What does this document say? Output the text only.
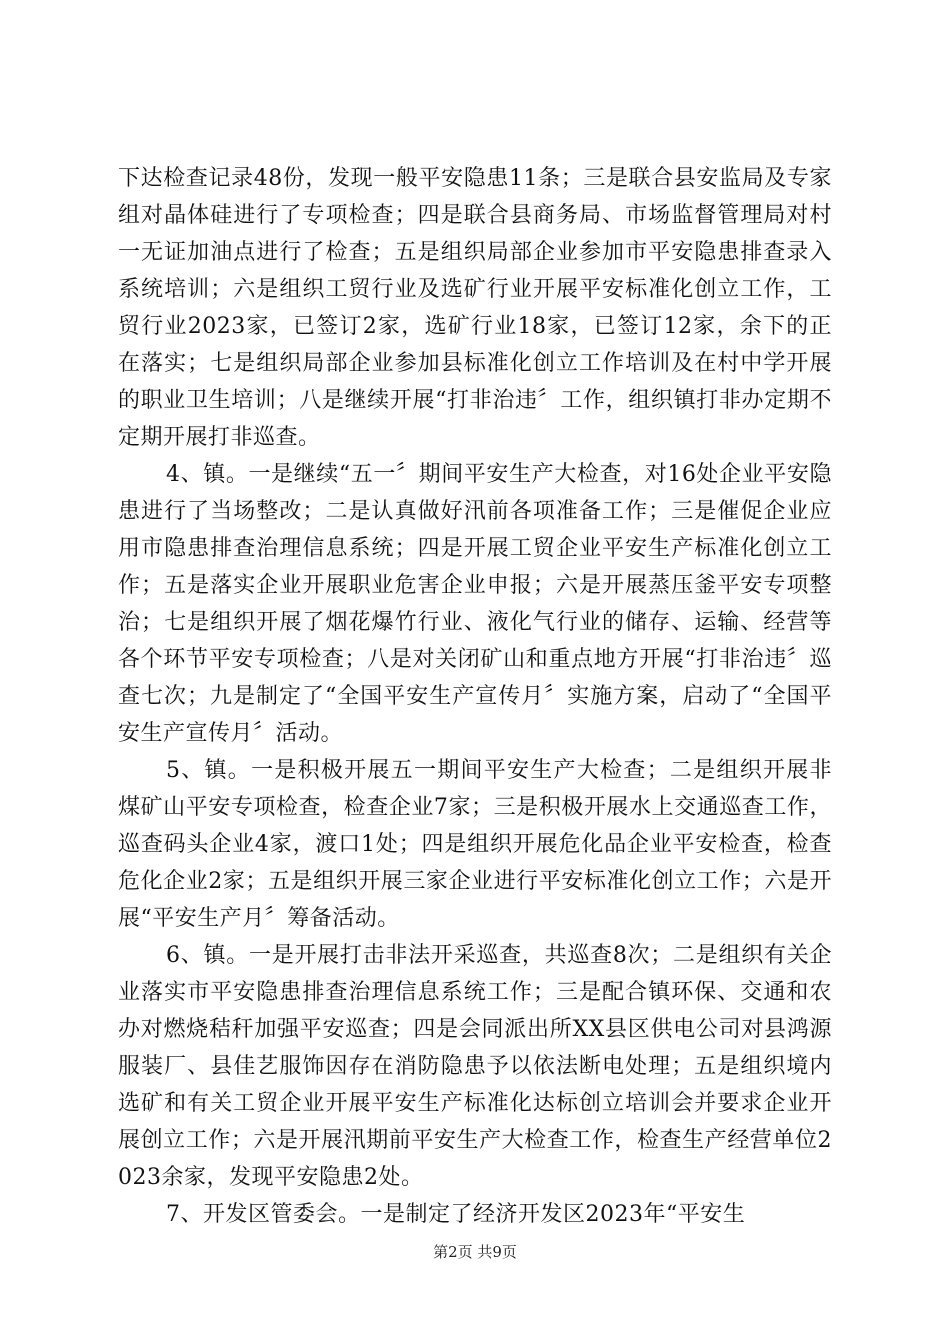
下达检查记录48份，发现一般平安隐患11条；三是联合县安监局及专家组对晶体硅进行了专项检查；四是联合县商务局、市场监督管理局对村一无证加油点进行了检查；五是组织局部企业参加市平安隐患排查录入系统培训；六是组织工贸行业及选矿行业开展平安标准化创立工作，工贸行业2023家，已签订2家，选矿行业18家，已签订12家，余下的正在落实；七是组织局部企业参加县标准化创立工作培训及在村中学开展的职业卫生培训；八是继续开展“打非治违〞工作，组织镇打非办定期不定期开展打非巡查。

4、镇。一是继续“五一〞期间平安生产大检查，对16处企业平安隐患进行了当场整改；二是认真做好汛前各项准备工作；三是催促企业应用市隐患排查治理信息系统；四是开展工贸企业平安生产标准化创立工作；五是落实企业开展职业危害企业申报；六是开展蒸压釜平安专项整治；七是组织开展了烟花爆竹行业、液化气行业的储存、运输、经营等各个环节平安专项检查；八是对关闭矿山和重点地方开展“打非治违〞巡查七次；九是制定了“全国平安生产宣传月〞实施方案，启动了“全国平安生产宣传月〞活动。

5、镇。一是积极开展五一期间平安生产大检查；二是组织开展非煤矿山平安专项检查，检查企业7家；三是积极开展水上交通巡查工作，巡查码头企业4家，渡口1处；四是组织开展危化品企业平安检查，检查危化企业2家；五是组织开展三家企业进行平安标准化创立工作；六是开展“平安生产月〞筹备活动。

6、镇。一是开展打击非法开采巡查，共巡查8次；二是组织有关企业落实市平安隐患排查治理信息系统工作；三是配合镇环保、交通和农办对燃烧秸秆加强平安巡查；四是会同派出所XX县区供电公司对县鸿源服装厂、县佳艺服饰因存在消防隐患予以依法断电处理；五是组织境内选矿和有关工贸企业开展平安生产标准化达标创立培训会并要求企业开展创立工作；六是开展汛期前平安生产大检查工作，检查生产经营单位2023余家，发现平安隐患2处。

7、开发区管委会。一是制定了经济开发区2023年“平安生

第2页 共9页
